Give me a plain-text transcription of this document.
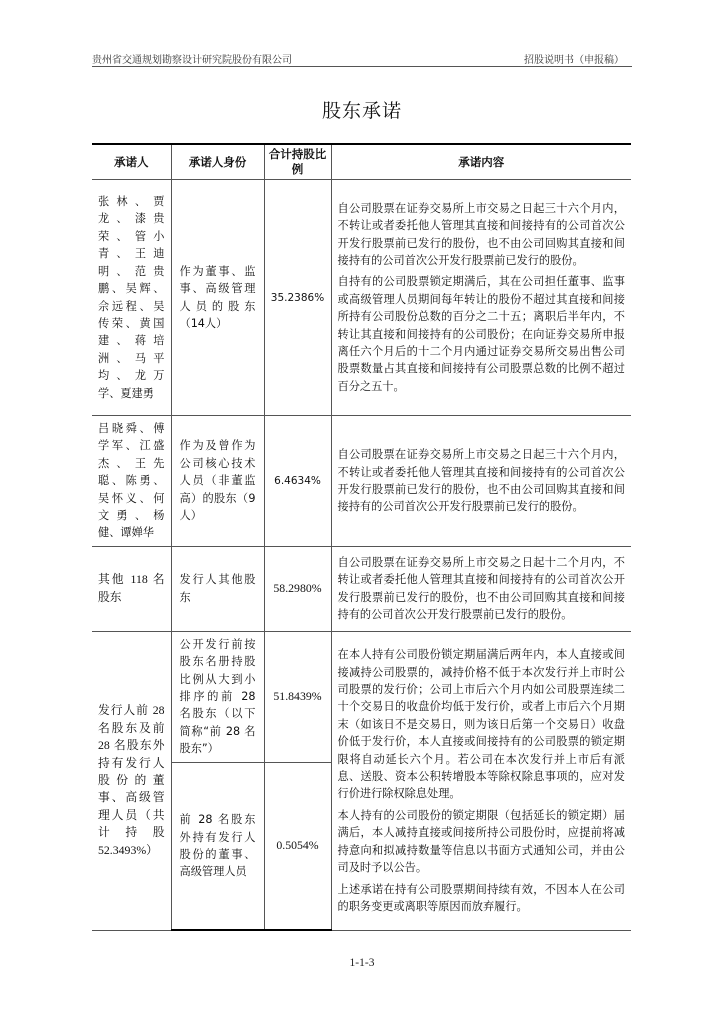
贵州省交通规划勘察设计研究院股份有限公司	招股说明书（申报稿）
股东承诺
承诺人	承诺人身份	合计持股比例	承诺内容
张林、贾龙、漆贵荣、管小青、王迪明、范贵鹏、吴辉、佘远程、吴传荣、黄国建、蒋培洲、马平均、龙万学、夏建勇	作为董事、监事、高级管理人员的股东（14人）	35.2386%	自公司股票在证券交易所上市交易之日起三十六个月内，不转让或者委托他人管理其直接和间接持有的公司首次公开发行股票前已发行的股份，也不由公司回购其直接和间接持有的公司首次公开发行股票前已发行的股份。

自持有的公司股票锁定期满后，其在公司担任董事、监事或高级管理人员期间每年转让的股份不超过其直接和间接所持有公司股份总数的百分之二十五；离职后半年内，不转让其直接和间接持有的公司股份；在向证券交易所申报离任六个月后的十二个月内通过证券交易所交易出售公司股票数量占其直接和间接持有公司股票总数的比例不超过百分之五十。

吕晓舜、傅学军、江盛杰、王先聪、陈勇、吴怀义、何文勇、杨健、谭婵华	作为及曾作为公司核心技术人员（非董监高）的股东（9人）	6.4634%	自公司股票在证券交易所上市交易之日起三十六个月内，不转让或者委托他人管理其直接和间接持有的公司首次公开发行股票前已发行的股份，也不由公司回购其直接和间接持有的公司首次公开发行股票前已发行的股份。

其他 118 名股东	发行人其他股东	58.2980%	自公司股票在证券交易所上市交易之日起十二个月内，不转让或者委托他人管理其直接和间接持有的公司首次公开发行股票前已发行的股份，也不由公司回购其直接和间接持有的公司首次公开发行股票前已发行的股份。

发行人前 28 名股东及前 28 名股东外持有发行人股份的董事、高级管理人员（共计持股 52.3493%）	公开发行前按股东名册持股比例从大到小排序的前 28 名股东（以下简称“前 28 名股东”）	51.8439%	在本人持有公司股份锁定期届满后两年内，本人直接或间接减持公司股票的，减持价格不低于本次发行并上市时公司股票的发行价；公司上市后六个月内如公司股票连续二十个交易日的收盘价均低于发行价，或者上市后六个月期末（如该日不是交易日，则为该日后第一个交易日）收盘价低于发行价，本人直接或间接持有的公司股票的锁定期限将自动延长六个月。若公司在本次发行并上市后有派息、送股、资本公积转增股本等除权除息事项的，应对发行价进行除权除息处理。

本人持有的公司股份的锁定期限（包括延长的锁定期）届满后，本人减持直接或间接所持公司股份时，应提前将减持意向和拟减持数量等信息以书面方式通知公司，并由公司及时予以公告。

上述承诺在持有公司股票期间持续有效，不因本人在公司的职务变更或离职等原因而放弃履行。

	前 28 名股东外持有发行人股份的董事、高级管理人员	0.5054%	
1-1-3
